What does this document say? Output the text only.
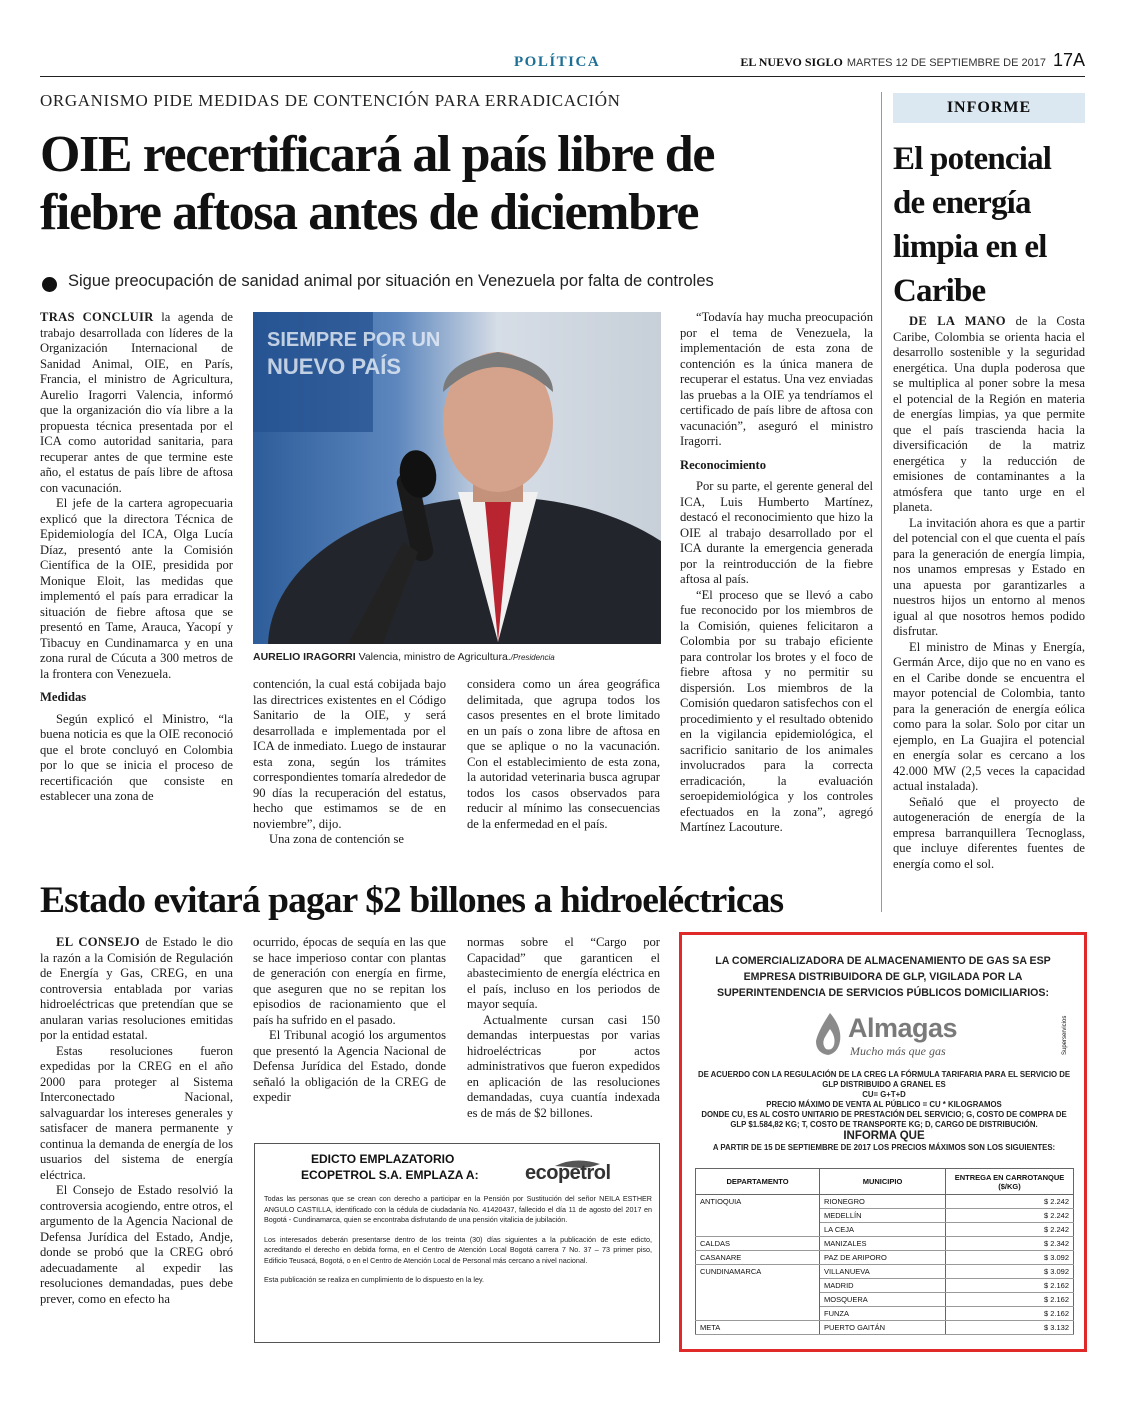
POLÍTICA	EL NUEVO SIGLO MARTES 12 DE SEPTIEMBRE DE 2017 17A
ORGANISMO PIDE MEDIDAS DE CONTENCIÓN PARA ERRADICACIÓN
OIE recertificará al país libre de fiebre aftosa antes de diciembre
Sigue preocupación de sanidad animal por situación en Venezuela por falta de controles

TRAS CONCLUIR la agenda de trabajo desarrollada con líderes de la Organización Internacional de Sanidad Animal, OIE, en París, Francia, el ministro de Agricultura, Aurelio Iragorri Valencia, informó que la organización dio vía libre a la propuesta técnica presentada por el ICA como autoridad sanitaria, para recuperar antes de que termine este año, el estatus de país libre de aftosa con vacunación.

El jefe de la cartera agropecuaria explicó que la directora Técnica de Epidemiología del ICA, Olga Lucía Díaz, presentó ante la Comisión Científica de la OIE, presidida por Monique Eloit, las medidas que implementó el país para erradicar la situación de fiebre aftosa que se presentó en Tame, Arauca, Yacopí y Tibacuy en Cundinamarca y en una zona rural de Cúcuta a 300 metros de la frontera con Venezuela.

Medidas

Según explicó el Ministro, “la buena noticia es que la OIE reconoció que el brote concluyó en Colombia por lo que se inicia el proceso de recertificación que consiste en establecer una zona de

SIEMPRE POR UN
NUEVO PAÍS
AURELIO IRAGORRI Valencia, ministro de Agricultura./Presidencia

contención, la cual está cobijada bajo las directrices existentes en el Código Sanitario de la OIE, y será desarrollada e implementada por el ICA de inmediato. Luego de instaurar esta zona, según los trámites correspondientes tomaría alrededor de 90 días la recuperación del estatus, hecho que estimamos se de en noviembre”, dijo.

Una zona de contención se

considera como un área geográfica delimitada, que agrupa todos los casos presentes en el brote limitado en un país o zona libre de aftosa en que se aplique o no la vacunación. Con el establecimiento de esta zona, la autoridad veterinaria busca agrupar todos los casos observados para reducir al mínimo las consecuencias de la enfermedad en el país.

“Todavía hay mucha preocupación por el tema de Venezuela, la implementación de esta zona de contención es la única manera de recuperar el estatus. Una vez enviadas las pruebas a la OIE ya tendríamos el certificado de país libre de aftosa con vacunación”, aseguró el ministro Iragorri.

Reconocimiento

Por su parte, el gerente general del ICA, Luis Humberto Martínez, destacó el reconocimiento que hizo la OIE al trabajo desarrollado por el ICA durante la emergencia generada por la reintroducción de la fiebre aftosa al país.

“El proceso que se llevó a cabo fue reconocido por los miembros de la Comisión, quienes felicitaron a Colombia por su trabajo eficiente para controlar los brotes y el foco de fiebre aftosa y no permitir su dispersión. Los miembros de la Comisión quedaron satisfechos con el procedimiento y el resultado obtenido en la vigilancia epidemiológica, el sacrificio sanitario de los animales involucrados para la correcta erradicación, la evaluación seroepidemiológica y los controles efectuados en la zona”, agregó Martínez Lacouture.

INFORME
El potencial de energía limpia en el Caribe

DE LA MANO de la Costa Caribe, Colombia se orienta hacia el desarrollo sostenible y la seguridad energética. Una dupla poderosa que se multiplica al poner sobre la mesa el potencial de la Región en materia de energías limpias, ya que permite que el país trascienda hacia la diversificación de la matriz energética y la reducción de emisiones de contaminantes a la atmósfera que tanto urge en el planeta.

La invitación ahora es que a partir del potencial con el que cuenta el país para la generación de energía limpia, nos unamos empresas y Estado en una apuesta por garantizarles a nuestros hijos un entorno al menos igual al que nosotros hemos podido disfrutar.

El ministro de Minas y Energía, Germán Arce, dijo que no en vano es en el Caribe donde se encuentra el mayor potencial de Colombia, tanto para la generación de energía eólica como para la solar. Solo por citar un ejemplo, en La Guajira el potencial en energía solar es cercano a los 42.000 MW (2,5 veces la capacidad actual instalada).

Señaló que el proyecto de autogeneración de energía de la empresa barranquillera Tecnoglass, que incluye diferentes fuentes de energía como el sol.

Estado evitará pagar $2 billones a hidroeléctricas

EL CONSEJO de Estado le dio la razón a la Comisión de Regulación de Energía y Gas, CREG, en una controversia entablada por varias hidroeléctricas que pretendían que se anularan varias resoluciones emitidas por la entidad estatal.

Estas resoluciones fueron expedidas por la CREG en el año 2000 para proteger al Sistema Interconectado Nacional, salvaguardar los intereses generales y satisfacer de manera permanente y continua la demanda de energía de los usuarios del sistema de energía eléctrica.

El Consejo de Estado resolvió la controversia acogiendo, entre otros, el argumento de la Agencia Nacional de Defensa Jurídica del Estado, Andje, donde se probó que la CREG obró adecuadamente al expedir las resoluciones demandadas, pues debe prever, como en efecto ha

ocurrido, épocas de sequía en las que se hace imperioso contar con plantas de generación con energía en firme, que aseguren que no se repitan los episodios de racionamiento que el país ha sufrido en el pasado.

El Tribunal acogió los argumentos que presentó la Agencia Nacional de Defensa Jurídica del Estado, donde señaló la obligación de la CREG de expedir

normas sobre el “Cargo por Capacidad” que garanticen el abastecimiento de energía eléctrica en el país, incluso en los periodos de mayor sequía.

Actualmente cursan casi 150 demandas interpuestas por varias hidroeléctricas por actos administrativos que fueron expedidos en aplicación de las resoluciones demandadas, cuya cuantía indexada es de más de $2 billones.

EDICTO EMPLAZATORIO
ECOPETROL S.A. EMPLAZA A: ecopetrol

Todas las personas que se crean con derecho a participar en la Pensión por Sustitución del señor NEILA ESTHER ANGULO CASTILLA, identificado con la cédula de ciudadanía No. 41420437, fallecido el día 11 de agosto del 2017 en Bogotá - Cundinamarca, quien se encontraba disfrutando de una pensión vitalicia de jubilación.

Los interesados deberán presentarse dentro de los treinta (30) días siguientes a la publicación de este edicto, acreditando el derecho en debida forma, en el Centro de Atención Local Bogotá carrera 7 No. 37 – 73 primer piso, Edificio Teusacá, Bogotá, o en el Centro de Atención Local de Personal más cercano a nivel nacional.

Esta publicación se realiza en cumplimiento de lo dispuesto en la ley.

LA COMERCIALIZADORA DE ALMACENAMIENTO DE GAS SA ESP EMPRESA DISTRIBUIDORA DE GLP, VIGILADA POR LA SUPERINTENDENCIA DE SERVICIOS PÚBLICOS DOMICILIARIOS:
Almagas
Mucho más que gas	Superservicios

DE ACUERDO CON LA REGULACIÓN DE LA CREG LA FÓRMULA TARIFARIA PARA EL SERVICIO DE GLP DISTRIBUIDO A GRANEL ES

CU= G+T+D

PRECIO MÁXIMO DE VENTA AL PÚBLICO = CU * KILOGRAMOS

DONDE CU, ES AL COSTO UNITARIO DE PRESTACIÓN DEL SERVICIO; G, COSTO DE COMPRA DE GLP $1.584,82 KG; T, COSTO DE TRANSPORTE KG; D, CARGO DE DISTRIBUCIÓN.

INFORMA QUE

A PARTIR DE 15 DE SEPTIEMBRE DE 2017 LOS PRECIOS MÁXIMOS SON LOS SIGUIENTES:

DEPARTAMENTO	MUNICIPIO	ENTREGA EN CARROTANQUE ($/KG)
ANTIOQUIA	RIONEGRO	$ 2.242
	MEDELLÍN	$ 2.242
	LA CEJA	$ 2.242
CALDAS	MANIZALES	$ 2.342
CASANARE	PAZ DE ARIPORO	$ 3.092
CUNDINAMARCA	VILLANUEVA	$ 3.092
	MADRID	$ 2.162
	MOSQUERA	$ 2.162
	FUNZA	$ 2.162
META	PUERTO GAITÁN	$ 3.132
